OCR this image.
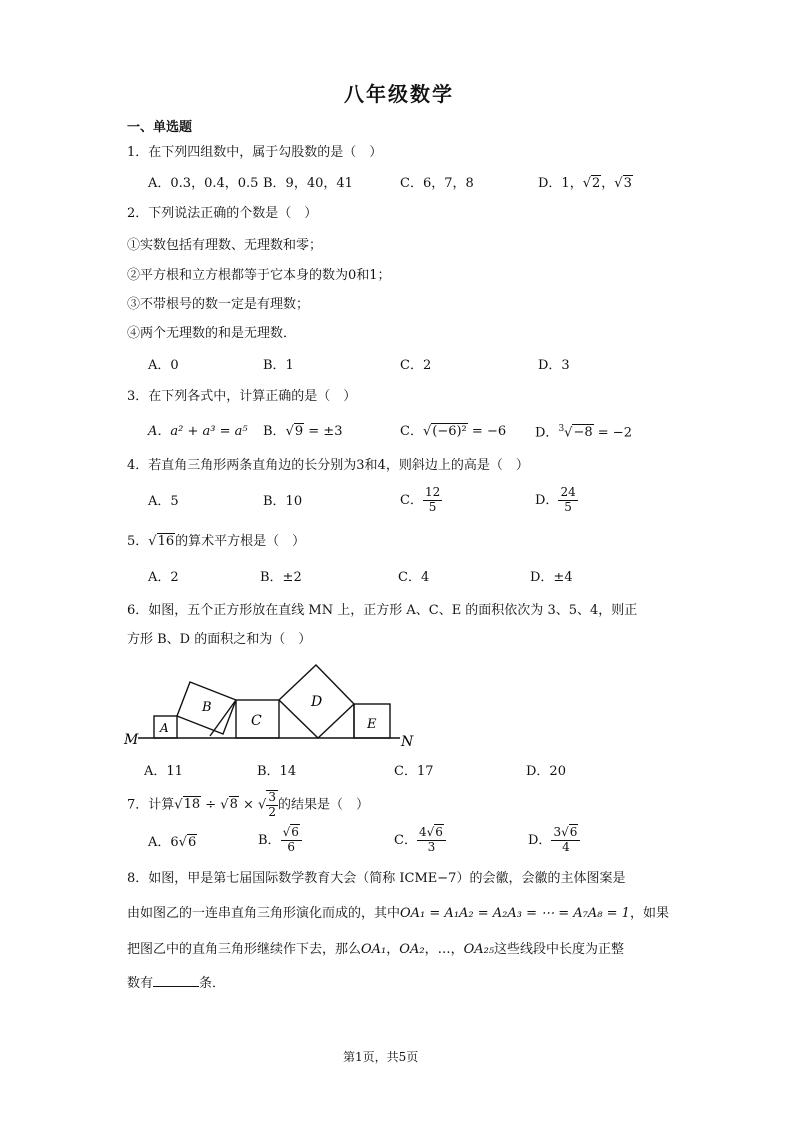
八年级数学
一、单选题
1．在下列四组数中，属于勾股数的是（　）
A．0.3，0.4，0.5 B．9，40，41	C．6，7，8	D．1，√2，√3
2．下列说法正确的个数是（　）
①实数包括有理数、无理数和零；
②平方根和立方根都等于它本身的数为0和1；
③不带根号的数一定是有理数；
④两个无理数的和是无理数．
A．0	B．1	C．2	D．3
3．在下列各式中，计算正确的是（　）
A．a² + a³ = a⁵ B．√9 = ±3	C．√(−6)² = −6 D．$^3$√−8 = −2
4．若直角三角形两条直角边的长分别为3和4，则斜边上的高是（　）
A．5	B．10	C． $\frac{12}{5}$	D． $\frac{24}{5}$
5．√16的算术平方根是（　）
A．2	B．±2	C．4	D．±4
6．如图，五个正方形放在直线 MN 上，正方形 A、C、E 的面积依次为 3、5、4，则正
方形 B、D 的面积之和为（　）
M	N
A
B
C
D
E
A．11	B．14	C．17	D．20
7．计算√18 ÷ √8 × √ $\frac{3}{2}$ 的结果是（　）
A．6√6	B． $\frac{√6}{6}$	C． $\frac{4√6}{3}$	D． $\frac{3√6}{4}$
8．如图，甲是第七届国际数学教育大会（简称 ICME−7）的会徽，会徽的主体图案是
由如图乙的一连串直角三角形演化而成的，其中OA₁ = A₁A₂ = A₂A₃ = ⋯ = A₇A₈ = 1，如果
把图乙中的直角三角形继续作下去，那么OA₁，OA₂，…，OA₂₅这些线段中长度为正整
数有	条．
第1页，共5页
